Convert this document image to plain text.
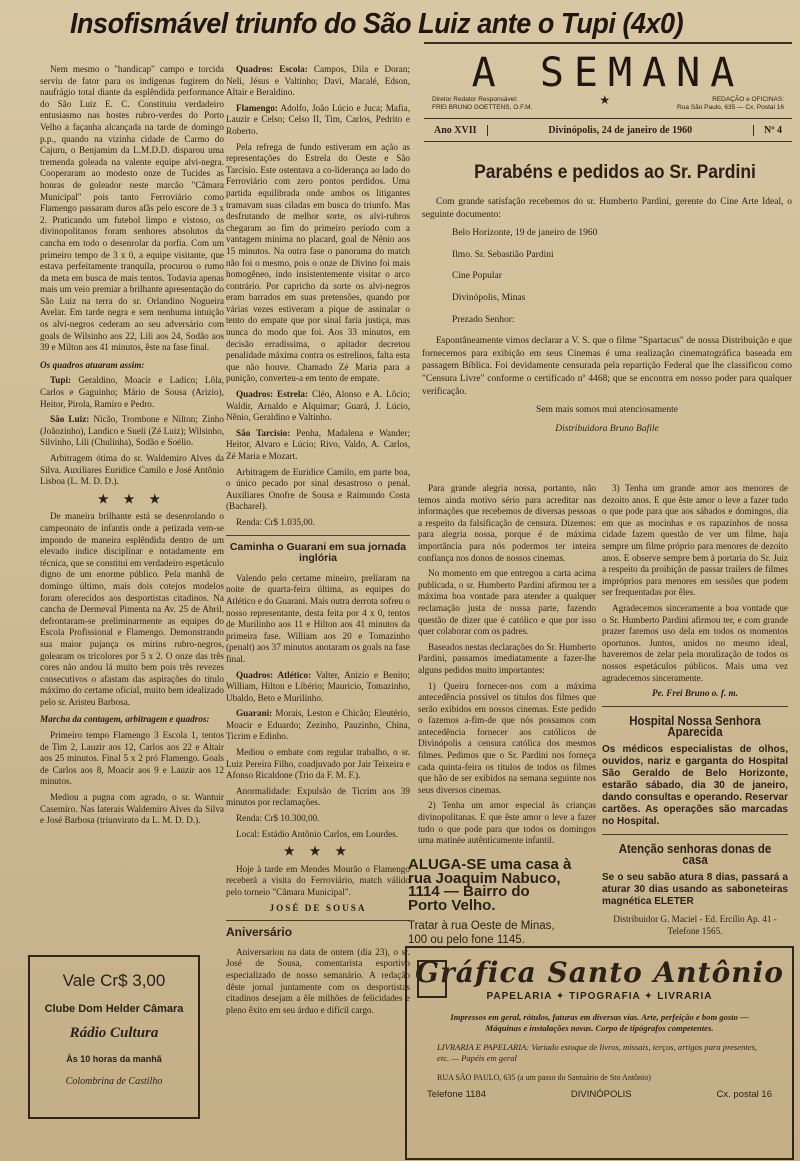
Insofismável triunfo do São Luiz ante o Tupi (4x0)

Nem mesmo o "handicap" campo e torcida serviu de fator para os indígenas fugirem do naufrágio total diante da esplêndida performance do São Luiz E. C. Constituiu verdadeiro entusiasmo nas hostes rubro-verdes do Porto Velho a façanha alcançada na tarde de domingo p.p., quando na vizinha cidade de Carmo do Cajuru, o Benjamim da L.M.D.D. disparou uma tremenda goleada na valente equipe alvi-negra. Cooperaram ao modesto onze de Tucides as honras de goleador neste marcão "Câmara Municipal" pois tanto Ferroviário como Flamengo passaram duros afãs pelo escore de 3 x 2. Praticando um futebol limpo e vistoso, os divinopolitanos foram senhores absolutos da cancha em todo o desenrolar da porfia. Com um primeiro tempo de 3 x 0, a equipe visitante, que estava perfeitamente tranquila, procurou o rumo da meta em busca de mais tentos. Todavia apenas mais um veio premiar a brilhante apresentação do São Luiz na terra do sr. Orlandino Nogueira Avelar. Em tarde negra e sem nenhuma intuição os alvi-negros cederam ao seu adversário com goals de Wilsinho aos 22, Lili aos 24, Sodão aos 39 e Milton aos 41 minutos, êste na fase final.

Os quadros atuaram assim:

Tupi: Geraldino, Moacir e Ladico; Lôla, Carlos e Gaguinho; Mário de Sousa (Arizio), Heitor, Pirola, Ramiro e Pedro.

São Luiz: Nicão, Trombone e Nilton; Zinho (Joãozinho), Landico e Sueli (Zé Luiz); Wilsinho, Silvinho, Lili (Chulinha), Sodão e Soélio.

Arbitragem ótima do sr. Waldemiro Alves da Silva. Auxiliares Eurídice Camilo e José Antônio Lisboa (L. M. D. D.).

★ ★ ★

De maneira brilhante está se desenrolando o campeonato de infantis onde a petizada vem-se impondo de maneira esplêndida dentro de um elevado índice disciplinar e notadamente em técnica, que se constitui em verdadeiro espetáculo digno de um enorme público. Pela manhã de domingo último, mais dois cotejos modelos foram oferecidos aos desportistas citadinos. Na cancha de Dermeval Pimenta na Av. 25 de Abril, defrontaram-se preliminarmente as equipes do Escola Profissional e Flamengo. Demonstrando sua maior pujança os mirins rubro-negros, golearam os tricolores por 5 x 2. O onze das três cores não andou lá muito bem pois três revezes consecutivos o afastam das aspirações do título máximo do certame oficial, muito bem idealizado pelo sr. Aristeu Barbosa.

Marcha da contagem, arbitragem e quadros:

Primeiro tempo Flamengo 3 Escola 1, tentos de Tim 2, Lauzir aos 12, Carlos aos 22 e Altair aos 25 minutos. Final 5 x 2 pró Flamengo. Goals de Carlos aos 8, Moacir aos 9 e Lauzir aos 12 minutos.

Mediou a pugna com agrado, o sr. Wantuir Casemiro. Nas laterais Waldemiro Alves da Silva e José Barbosa (triunvirato da L. M. D. D.).

Quadros: Escola: Campos, Dila e Doran; Neli, Jésus e Valtinho; Davi, Macalé, Edson, Altair e Beraldino.

Flamengo: Adolfo, João Lúcio e Juca; Mafia, Lauzir e Celso; Celso II, Tim, Carlos, Pedrito e Roberto.

Pela refrega de fundo estiveram em ação as representações do Estrela do Oeste e São Tarcisio. Este ostentava a co-liderança ao lado do Ferroviário com zero pontos perdidos. Uma partida equilibrada onde ambos os litigantes tramavam suas ciladas em busca do triunfo. Mas desfrutando de melhor sorte, os alvi-rubros chegaram ao fim do primeiro período com a vantagem mínima no placard, goal de Nênio aos 15 minutos. Na outra fase o panorama do match não foi o mesmo, pois o onze de Divino foi mais homogêneo, indo insistentemente visitar o arco contrário. Por capricho da sorte os alvi-negros eram barrados em suas pretensões, quando por várias vezes estiveram a pique de assinalar o tento do empate que por sinal faria justiça, mas nunca do modo que foi. Aos 33 minutos, em decisão erradíssima, o apitador decretou penalidade máxima contra os estrelinos, falta esta que não houve. Chamado Zé Maria para a punição, converteu-a em tento de empate.

Quadros: Estrela: Cléo, Alonso e A. Lôcio; Waldir, Arnaldo e Alquimar; Guará, J. Lúcio, Nênio, Geraldino e Valtinho.

São Tarcisio: Penha, Madalena e Wander; Heitor, Alvaro e Lúcio; Rivo, Valdo, A. Carlos, Zé Maria e Mozart.

Arbitragem de Eurídice Camilo, em parte boa, o único pecado por sinal desastroso o penal. Auxiliares Onofre de Sousa e Raimundo Costa (Bacharel).

Renda: Cr$ 1.035,00.

Caminha o Guarani em sua jornada inglória

Valendo pelo certame mineiro, prelíaram na noite de quarta-feira última, as equipes do Atlético e do Guarani. Mais outra derrota sofreu o nosso representante, desta feita por 4 x 0, tentos de Murilinho aos 11 e Hilton aos 41 minutos da primeira fase. William aos 20 e Tomazinho (penalt) aos 37 minutos anotaram os goals na fase final.

Quadros: Atlético: Valter, Anizio e Benito; William, Hilton e Libério; Mauricio, Tomazinho, Ubaldo, Beto e Murilinho.

Guarani: Morais, Leston e Chicão; Eleutério, Moacir e Eduardo; Zezinho, Pauzinho, China, Ticrim e Edinho.

Mediou o embate com regular trabalho, o sr. Luiz Pereira Filho, coadjuvado por Jair Teixeira e Afonso Ricaldone (Trio da F. M. F.).

Anormalidade: Expulsão de Ticrim aos 39 minutos por reclamações.

Renda: Cr$ 10.300,00.

Local: Estádio Antônio Carlos, em Lourdes.

★ ★ ★

Hoje à tarde em Mendes Mourão o Flamengo receberá a visita do Ferroviário, match válido pelo torneio "Câmara Municipal".

JOSÉ DE SOUSA

Aniversário

Aniversariou na data de ontem (dia 23), o sr. José de Sousa, comentarista esportivo especializado de nosso semanário. A redação dêste jornal juntamente com os desportistas citadinos desejam a êle milhões de felicidades e pleno êxito em seu árduo e difícil cargo.

A SEMANA
Diretor Redator Responsável:
FREI BRUNO GOETTENS, O.F.M.
★	REDAÇÃO e OFICINAS:
Rua São Paulo, 635 — Cx. Postal 16
Ano XVII	Divinópolis, 24 de janeiro de 1960	Nº 4
Parabéns e pedidos ao Sr. Pardini

Com grande satisfação recebemos do sr. Humberto Pardini, gerente do Cine Arte Ideal, o seguinte documento:

Belo Horizonte, 19 de janeiro de 1960

Ilmo. Sr. Sebastião Pardini

Cine Popular

Divinópolis, Minas

Prezado Senhor:

Espontâneamente vimos declarar a V. S. que o filme "Spartacus" de nossa Distribuição e que fornecemos para exibição em seus Cinemas é uma realização cinematográfica baseada em passagem Bíblica. Foi devidamente censurada pela repartição Federal que lhe classificou como "Censura Livre" conforme o certificado nº 4468; que se encontra em nosso poder para qualquer verificação.

Sem mais somos mui atenciosamente

Distribuidora Bruno Bafile

Para grande alegria nossa, portanto, não temos ainda motivo sério para acreditar nas informações que recebemos de diversas pessoas a respeito da falsificação de censura. Dizemos: para alegria nossa, porque é de máxima importância para nós podermos ter inteira confiança nos donos de nossos cinemas.

No momento em que entregou a carta acima publicada, o sr. Humberto Pardini afirmou ter a máxima boa vontade para atender a qualquer reclamação justa de nossa parte, fazendo questão de dizer que é católico e que por isso quer colaborar com os padres.

Baseados nestas declarações do Sr. Humberto Pardini, passamos imediatamente a fazer-lhe alguns pedidos muito importantes:

1) Queira fornecer-nos com a máxima antecedência possível os títulos dos filmes que serão exibidos em nossos cinemas. Este pedido o fazemos a-fim-de que nós possamos com antecedência fornecer aos católicos de Divinópolis a censura católica dos mesmos filmes. Pedimos que o Sr. Pardini nos forneça cada quinta-feira os títulos de todos os filmes que hão de ser exibidos na semana seguinte nos seus diversos cinemas.

2) Tenha um amor especial às crianças divinopolitanas. E que êste amor o leve a fazer tudo o que pode para que todos os domingos uma matinée autênticamente infantil.

3) Tenha um grande amor aos menores de dezoito anos. E que êste amor o leve a fazer tudo o que pode para que aos sábados e domingos, dia em que as mocinhas e os rapazinhos de nossa cidade fazem questão de ver um filme, haja sempre um filme próprio para menores de dezoito anos. E observe sempre bem à portaria do Sr. Juiz a respeito da proibição de passar trailers de filmes impróprios para menores em sessões que podem ser frequentadas por êles.

Agradecemos sinceramente a boa vontade que o Sr. Humberto Pardini afirmou ter, e com grande prazer faremos uso dela em todos os momentos oportunos. Juntos, unidos no mesmo ideal, haveremos de zelar pela moralização de todos os nossos espetáculos públicos. Mais uma vez agradecemos sinceramente.

Pe. Frei Bruno o. f. m.

Hospital Nossa Senhora Aparecida
Os médicos especialistas de olhos, ouvidos, nariz e garganta do Hospital São Geraldo de Belo Horizonte, estarão sábado, dia 30 de janeiro, dando consultas e operando. Reservar cartões. As operações são marcadas no Hospital.
Atenção senhoras donas de casa
Se o seu sabão atura 8 dias, passará a aturar 30 dias usando as saboneteiras magnética ELETER

Distribuidor G. Maciel - Ed. Ercílio Ap. 41 - Telefone 1565.

ALUGA-SE uma casa à rua Joaquim Nabuco, 1114 — Bairro do Porto Velho.
Tratar à rua Oeste de Minas, 100 ou pelo fone 1145.
Vale Cr$ 3,00
Clube Dom Helder Câmara
Rádio Cultura
Às 10 horas da manhã
Colombrina de Castilho
Gráfica Santo Antônio
PAPELARIA ✦ TIPOGRAFIA ✦ LIVRARIA
Impressos em geral, rótulos, faturas em diversas vias. Arte, perfeição e bom gosto — Máquinas e instalações novas. Corpo de tipógrafos competentes.
LIVRARIA E PAPELARIA: Variado estoque de livros, missais, terços, artigos para presentes, etc. — Papéis em geral
RUA SÃO PAULO, 635 (a um passo do Santuário de Sto Antônio)
Telefone 1184	DIVINÓPOLIS	Cx. postal 16
